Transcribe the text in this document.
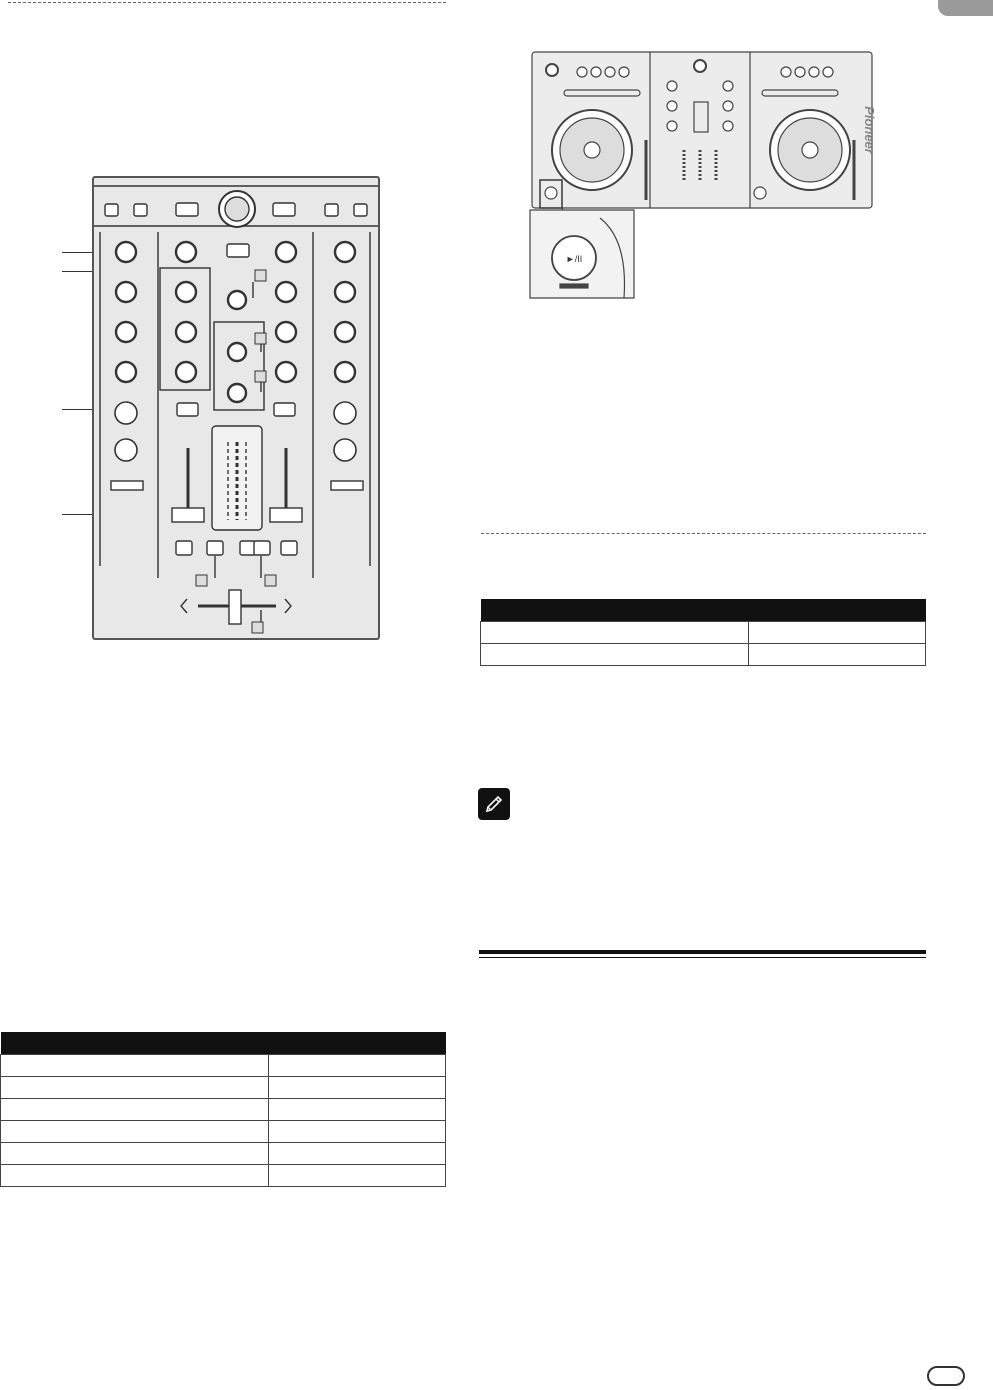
►/II
Pioneer
